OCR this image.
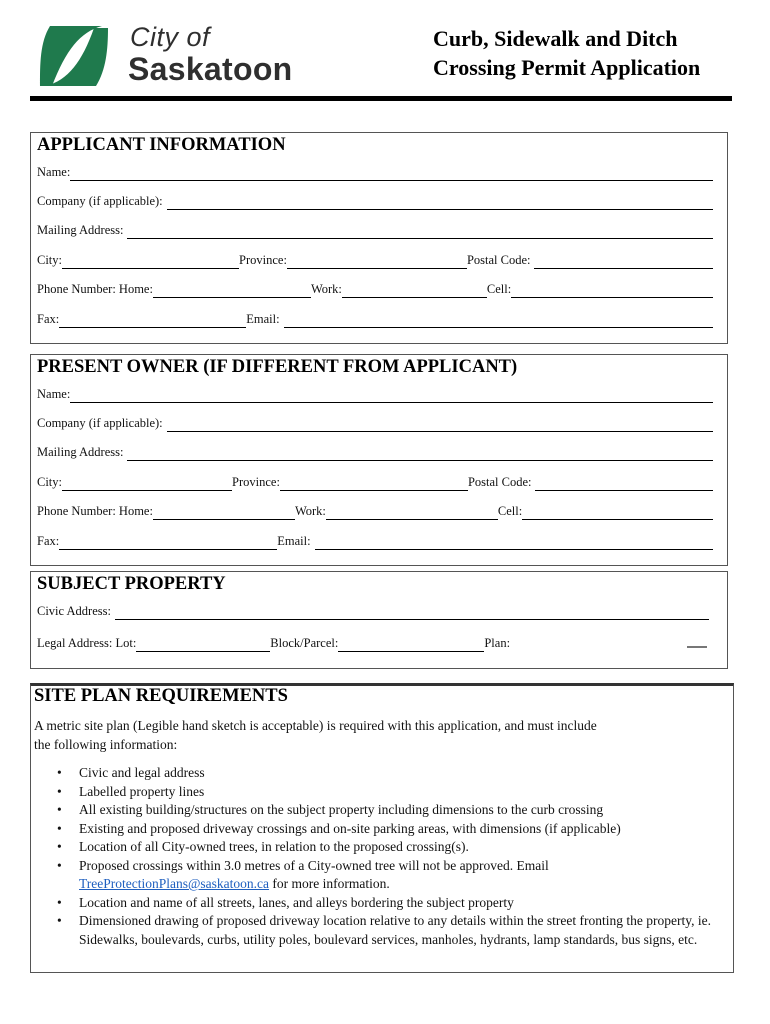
City of
Saskatoon
Curb, Sidewalk and Ditch
Crossing Permit Application
APPLICANT INFORMATION
Name:
Company (if applicable):
Mailing Address:
City:	Province:	Postal Code:
Phone Number: Home:	Work:	Cell:
Fax:	Email:
PRESENT OWNER (IF DIFFERENT FROM APPLICANT)
Name:
Company (if applicable):
Mailing Address:
City:	Province:	Postal Code:
Phone Number: Home:	Work:	Cell:
Fax:	Email:
SUBJECT PROPERTY
Civic Address:
Legal Address: Lot:	Block/Parcel:	Plan:
SITE PLAN REQUIREMENTS
A metric site plan (Legible hand sketch is acceptable) is required with this application, and must include
the following information:
• Civic and legal address
• Labelled property lines
• All existing building/structures on the subject property including dimensions to the curb crossing
• Existing and proposed driveway crossings and on-site parking areas, with dimensions (if applicable)
• Location of all City-owned trees, in relation to the proposed crossing(s).
• Proposed crossings within 3.0 metres of a City-owned tree will not be approved. Email
TreeProtectionPlans@saskatoon.ca for more information.
• Location and name of all streets, lanes, and alleys bordering the subject property
• Dimensioned drawing of proposed driveway location relative to any details within the street fronting the property, ie. Sidewalks, boulevards, curbs, utility poles, boulevard services, manholes, hydrants, lamp standards, bus signs, etc.
